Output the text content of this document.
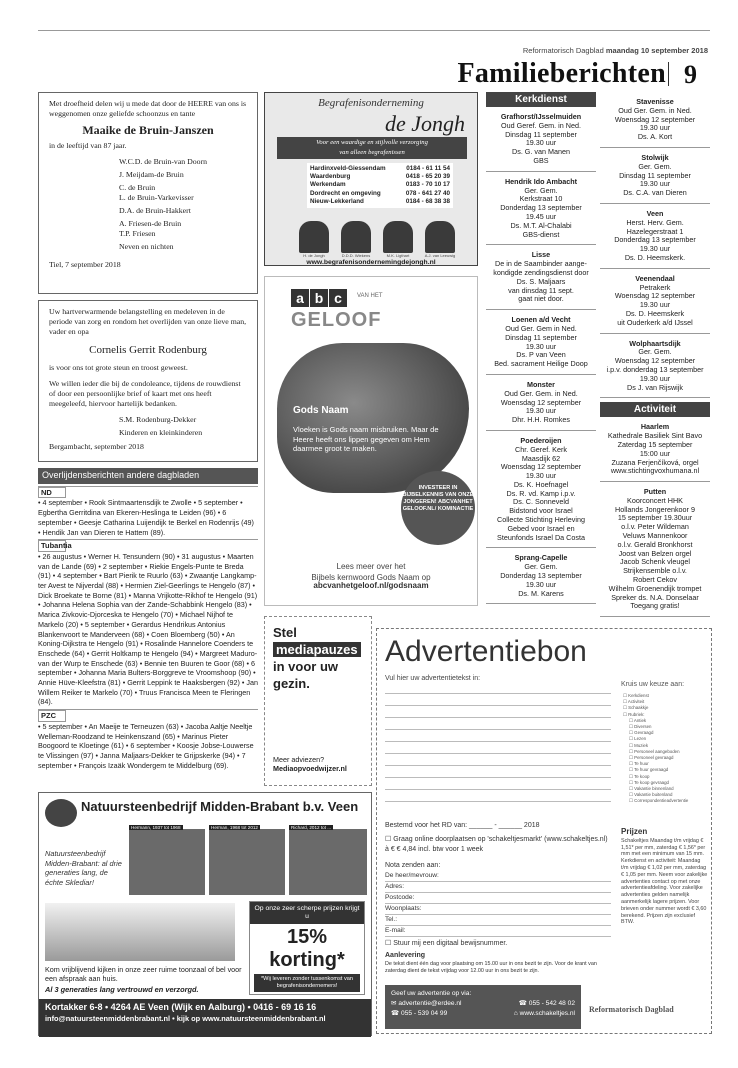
Reformatorisch Dagblad maandag 10 september 2018
Familieberichten 9
Met droefheid delen wij u mede dat door de HEERE van ons is weggenomen onze geliefde schoonzus en tante
Maaike de Bruin-Janszen
in de leeftijd van 87 jaar.
W.C.D. de Bruin-van Doorn
J. Meijdam-de Bruin
C. de Bruin
L. de Bruin-Varkevisser
D.A. de Bruin-Hakkert
A. Friesen-de Bruin
T.P. Friesen
Neven en nichten
Tiel, 7 september 2018
Uw hartverwarmende belangstelling en medeleven in de periode van zorg en rondom het overlijden van onze lieve man, vader en opa
Cornelis Gerrit Rodenburg
is voor ons tot grote steun en troost geweest.
We willen ieder die bij de condoleance, tijdens de rouwdienst of door een persoonlijke brief of kaart met ons heeft meegeleefd, hiervoor hartelijk bedanken.
S.M. Rodenburg-Dekker
Kinderen en kleinkinderen
Bergambacht, september 2018
Overlijdensberichten andere dagbladen
ND
• 4 september • Rook Sintmaartensdijk te Zwolle • 5 september • Egbertha Gerritdina van Ekeren-Heslinga te Leiden (96) • 6 september • Geesje Catharina Luijendijk te Berkel en Rodenrijs (49) • Hendik Jan van Dieren te Hattem (89).
Tubantia
• 26 augustus • Werner H. Tensundern (90) • 31 augustus • Maarten van de Lande (69) • 2 september • Riekie Engels-Punte te Breda (91) • 4 september • Bart Pierik te Ruurlo (63) • Zwaantje Langkamp-ter Avest te Nijverdal (88) • Hermien Ziel-Geerlings te Hengelo (87) • Dick Broekate te Borne (81) • Manna Vrijkotte-Rikhof te Hengelo (91) • Johanna Helena Sophia van der Zande-Schabbink Hengelo (83) • Marica Zivkovic-Djorceska te Hengelo (70) • Michael Nijhof te Markelo (20) • 5 september • Gerardus Hendrikus Antonius Blankenvoort te Manderveen (68) • Coen Bloemberg (50) • An Koning-Dijkstra te Hengelo (91) • Rosalinde Hannelore Coenders te Enschede (64) • Gerrit Holtkamp te Hengelo (94) • Margreet Maduro-van der Wurp te Enschede (63) • Bennie ten Buuren te Goor (68) • 6 september • Johanna Maria Bulters-Borggreve te Vroomshoop (90) • Annie Hüve-Kleefstra (81) • Gerrit Leppink te Haaksbergen (92) • Jan Willem Reiker te Markelo (70) • Truus Francisca Meen te Fleringen (84).
PZC
• 5 september • An Maeije te Terneuzen (63) • Jacoba Aaltje Neeltje Welleman-Roodzand te Heinkenszand (65) • Marinus Pieter Boogoord te Kloetinge (61) • 6 september • Koosje Jobse-Louwerse te Vlissingen (97) • Janna Maljaars-Dekker te Grijpskerke (94) • 7 september • François Izaäk Wondergem te Middelburg (69).
Begrafenisonderneming
de Jongh
Voor een waardige en stijlvolle verzorging
van alleen begrafenissen
Hardinxveld-Giessendam	0184 - 61 11 54
Waardenburg	0418 - 65 20 39
Werkendam	0183 - 70 10 17
Dordrecht en omgeving	078 - 641 27 40
Nieuw-Lekkerland	0184 - 68 38 38
H. de Jongh	D.D.D. Wiekens	M.K. Ligthart	A.J. van Leeuwig
www.begrafenisondernemingdejongh.nl
a b c	VAN HET
GELOOF
Gods Naam
Vloeken is Gods naam misbruiken. Maar de Heere heeft ons lippen gegeven om Hem daarmee groot te maken.
INVESTEER IN BIJBELKENNIS VAN ONZE JONGEREN! ABCVANHET GELOOF.NL/ KOMINACTIE
Lees meer over het
Bijbels kernwoord Gods Naam op
abcvanhetgeloof.nl/godsnaam
Kerkdienst
Grafhorst/IJsselmuiden
Oud Geref. Gem. in Ned.
Dinsdag 11 september
19.30 uur
Ds. G. van Manen
GBS
Hendrik Ido Ambacht
Ger. Gem.
Kerkstraat 10
Donderdag 13 september
19.45 uur
Ds. M.T. Al-Chalabi
GBS-dienst
Lisse
De in de Saambinder aange-
kondigde zendingsdienst door
Ds. S. Maljaars
van dinsdag 11 sept.
gaat niet door.
Loenen a/d Vecht
Oud Ger. Gem in Ned.
Dinsdag 11 september
19.30 uur
Ds. P van Veen
Bed. sacrament Heilige Doop
Monster
Oud Ger. Gem. in Ned.
Woensdag 12 september
19.30 uur
Dhr. H.H. Romkes
Poederoijen
Chr. Geref. Kerk
Maasdijk 62
Woensdag 12 september
19.30 uur
Ds. K. Hoefnagel
Ds. R. vd. Kamp i.p.v.
Ds. C. Sonneveld
Bidstond voor Israel
Collecte Stichting Herleving
Gebed voor Israel en
Steunfonds Israel Da Costa
Sprang-Capelle
Ger. Gem.
Donderdag 13 september
19.30 uur
Ds. M. Karens
Stavenisse
Oud Ger. Gem. in Ned.
Woensdag 12 september
19.30 uur
Ds. A. Kort
Stolwijk
Ger. Gem.
Dinsdag 11 september
19.30 uur
Ds. C.A. van Dieren
Veen
Herst. Herv. Gem.
Hazelegerstraat 1
Donderdag 13 september
19.30 uur
Ds. D. Heemskerk.
Veenendaal
Petrakerk
Woensdag 12 september
19.30 uur
Ds. D. Heemskerk
uit Ouderkerk a/d IJssel
Wolphaartsdijk
Ger. Gem.
Woensdag 12 september
i.p.v. donderdag 13 september
19.30 uur
Ds J. van Rijswijk
Activiteit
Haarlem
Kathedrale Basiliek Sint Bavo
Zaterdag 15 september
15:00 uur
Zuzana Ferjenčíková, orgel
www.stichtingvoxhumana.nl
Putten
Koorconcert HHK
Hollands Jongerenkoor 9
15 september 19.30uur
o.l.v. Peter Wildeman
Veluws Mannenkoor
o.l.v. Gerald Bronkhorst
Joost van Belzen orgel
Jacob Schenk vleugel
Strijkensemble o.l.v.
Robert Cekov
Wilhelm Groenendijk trompet
Spreker ds. N.A. Donselaar
Toegang gratis!
Stel
mediapauzes
in voor uw
gezin.
Meer adviezen?
Mediaopvoedwijzer.nl
Advertentiebon
Vul hier uw advertentietekst in:
Kruis uw keuze aan:
☐ Kerkdienst
☐ Activiteit
☐ Schaakkje
☐ Rubriek:
☐ Antiek
☐ Diversen
☐ Gevraagd
☐ Lezen
☐ Muziek
☐ Personeel aangeboden
☐ Personeel gevraagd
☐ Te huur
☐ Te huur gevraagd
☐ Te koop
☐ Te koop gevraagd
☐ Vakantie binnenland
☐ Vakantie buitenland
☐ Correspondentieadvertentie
Bestemd voor het RD van: ______ - ______ 2018
☐ Graag online doorplaatsen op 'schakeltjesmarkt' (www.schakeltjes.nl) à € € 4,84 incl. btw voor 1 week
Nota zenden aan:
De heer/mevrouw:
Adres:
Postcode:
Woonplaats:
Tel.:
E-mail:
☐ Stuur mij een digitaal bewijsnummer.
Aanlevering
De tekst dient één dag voor plaatsing om 15.00 uur in ons bezit te zijn. Voor de krant van zaterdag dient de tekst vrijdag voor 12.00 uur in ons bezit te zijn.
Prijzen
Schakeltjes Maandag t/m vrijdag € 1,51* per mm, zaterdag € 1,56* per mm met een minimum van 15 mm. Kerkdienst en activiteit: Maandag t/m vrijdag € 1,02 per mm, zaterdag € 1,05 per mm. Neem voor zakelijke advertenties contact op met onze advertentieafdeling. Voor zakelijke advertenties gelden namelijk aanmerkelijk lagere prijzen. Voor brieven onder nummer wordt € 3,60 berekend. Prijzen zijn exclusief BTW.
Geef uw advertentie op via:
✉ advertentie@erdee.nl	☎ 055 - 542 48 02
☎ 055 - 539 04 99	⌂ www.schakeltjes.nl Reformatorisch Dagblad
Natuursteenbedrijf Midden-Brabant b.v. Veen
Hermann, 1937 tot 1968	Herman, 1968 tot 2012	Richard, 2012 tot ...
Natuursteenbedrijf Midden-Brabant: al drie generaties lang, de échte Sklediar!
Op onze zeer scherpe prijzen krijgt u
15% korting*
*Wij leveren zonder tussenkomst van begrafenisondernemers!
Kom vrijblijvend kijken in onze zeer ruime toonzaal of bel voor een afspraak aan huis.
Al 3 generaties lang vertrouwd en verzorgd.
Kortakker 6-8 • 4264 AE Veen (Wijk en Aalburg) • 0416 - 69 16 16
info@natuursteenmiddenbrabant.nl • kijk op www.natuursteenmiddenbrabant.nl
